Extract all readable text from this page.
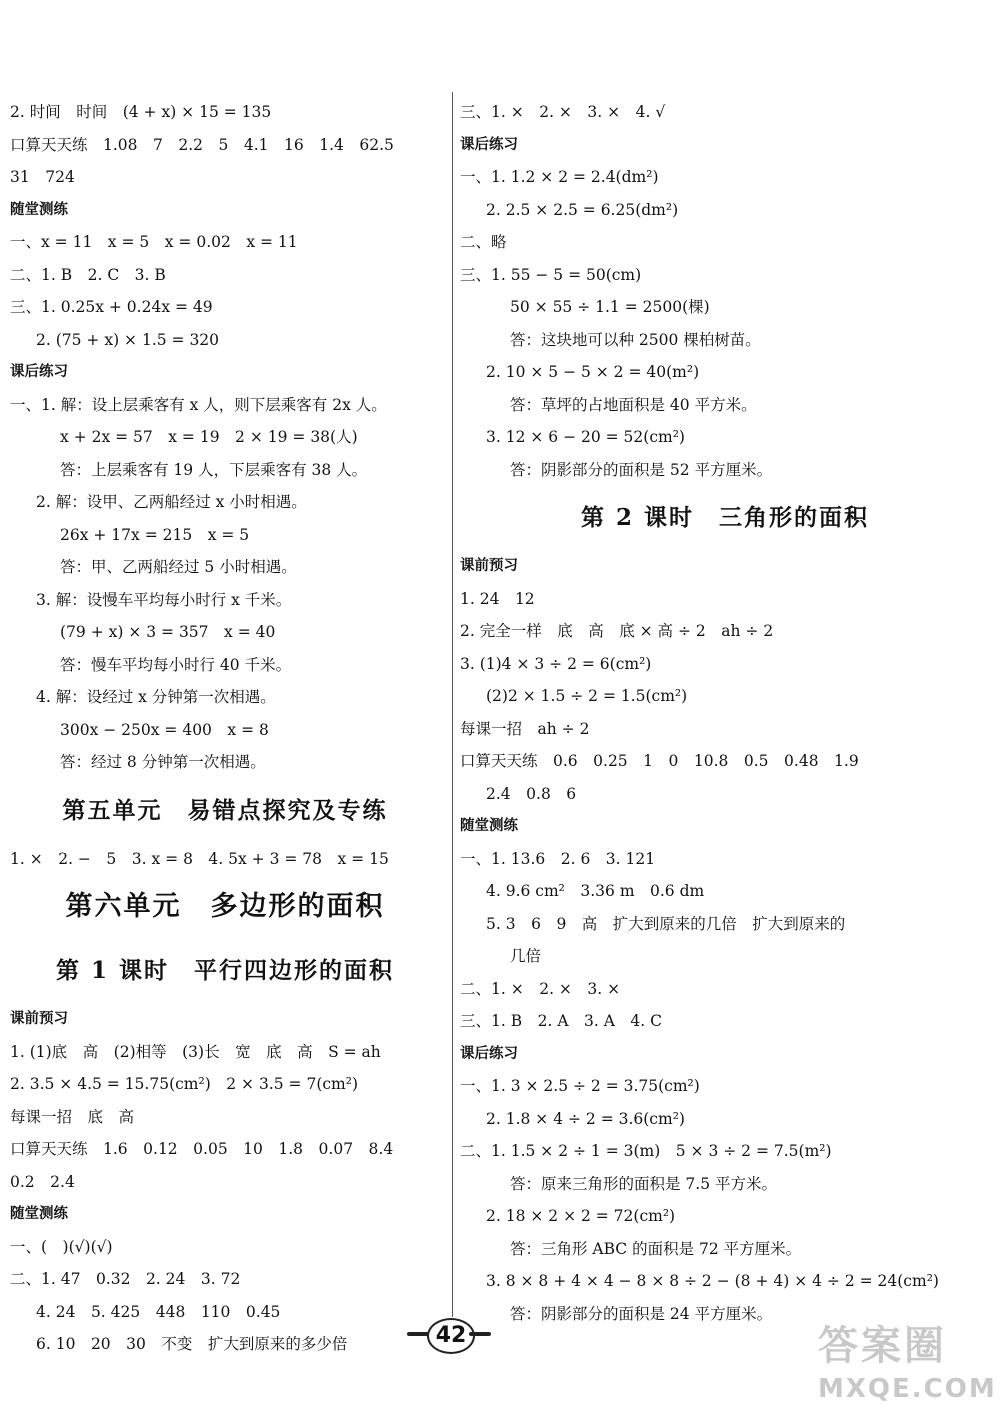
2. 时间　时间　(4 + x) × 15 = 135
口算天天练　1.08　7　2.2　5　4.1　16　1.4　62.5
31　724
随堂测练
一、x = 11　x = 5　x = 0.02　x = 11
二、1. B　2. C　3. B
三、1. 0.25x + 0.24x = 49
2. (75 + x) × 1.5 = 320
课后练习
一、1. 解：设上层乘客有 x 人，则下层乘客有 2x 人。
x + 2x = 57　x = 19　2 × 19 = 38(人)
答：上层乘客有 19 人，下层乘客有 38 人。
2. 解：设甲、乙两船经过 x 小时相遇。
26x + 17x = 215　x = 5
答：甲、乙两船经过 5 小时相遇。
3. 解：设慢车平均每小时行 x 千米。
(79 + x) × 3 = 357　x = 40
答：慢车平均每小时行 40 千米。
4. 解：设经过 x 分钟第一次相遇。
300x − 250x = 400　x = 8
答：经过 8 分钟第一次相遇。
第五单元　易错点探究及专练
1. ×　2. −　5　3. x = 8　4. 5x + 3 = 78　x = 15
第六单元　多边形的面积
第 1 课时　平行四边形的面积
课前预习
1. (1)底　高　(2)相等　(3)长　宽　底　高　S = ah
2. 3.5 × 4.5 = 15.75(cm²)　2 × 3.5 = 7(cm²)
每课一招　底　高
口算天天练　1.6　0.12　0.05　10　1.8　0.07　8.4
0.2　2.4
随堂测练
一、(　)(√)(√)
二、1. 47　0.32　2. 24　3. 72
4. 24　5. 425　448　110　0.45
6. 10　20　30　不变　扩大到原来的多少倍
三、1. ×　2. ×　3. ×　4. √
课后练习
一、1. 1.2 × 2 = 2.4(dm²)
2. 2.5 × 2.5 = 6.25(dm²)
二、略
三、1. 55 − 5 = 50(cm)
50 × 55 ÷ 1.1 = 2500(棵)
答：这块地可以种 2500 棵柏树苗。
2. 10 × 5 − 5 × 2 = 40(m²)
答：草坪的占地面积是 40 平方米。
3. 12 × 6 − 20 = 52(cm²)
答：阴影部分的面积是 52 平方厘米。
第 2 课时　三角形的面积
课前预习
1. 24　12
2. 完全一样　底　高　底 × 高 ÷ 2　ah ÷ 2
3. (1)4 × 3 ÷ 2 = 6(cm²)
(2)2 × 1.5 ÷ 2 = 1.5(cm²)
每课一招　ah ÷ 2
口算天天练　0.6　0.25　1　0　10.8　0.5　0.48　1.9
2.4　0.8　6
随堂测练
一、1. 13.6　2. 6　3. 121
4. 9.6 cm²　3.36 m　0.6 dm
5. 3　6　9　高　扩大到原来的几倍　扩大到原来的
几倍
二、1. ×　2. ×　3. ×
三、1. B　2. A　3. A　4. C
课后练习
一、1. 3 × 2.5 ÷ 2 = 3.75(cm²)
2. 1.8 × 4 ÷ 2 = 3.6(cm²)
二、1. 1.5 × 2 ÷ 1 = 3(m)　5 × 3 ÷ 2 = 7.5(m²)
答：原来三角形的面积是 7.5 平方米。
2. 18 × 2 × 2 = 72(cm²)
答：三角形 ABC 的面积是 72 平方厘米。
3. 8 × 8 + 4 × 4 − 8 × 8 ÷ 2 − (8 + 4) × 4 ÷ 2 = 24(cm²)
答：阴影部分的面积是 24 平方厘米。
42	答案圈
MXQE.COM
